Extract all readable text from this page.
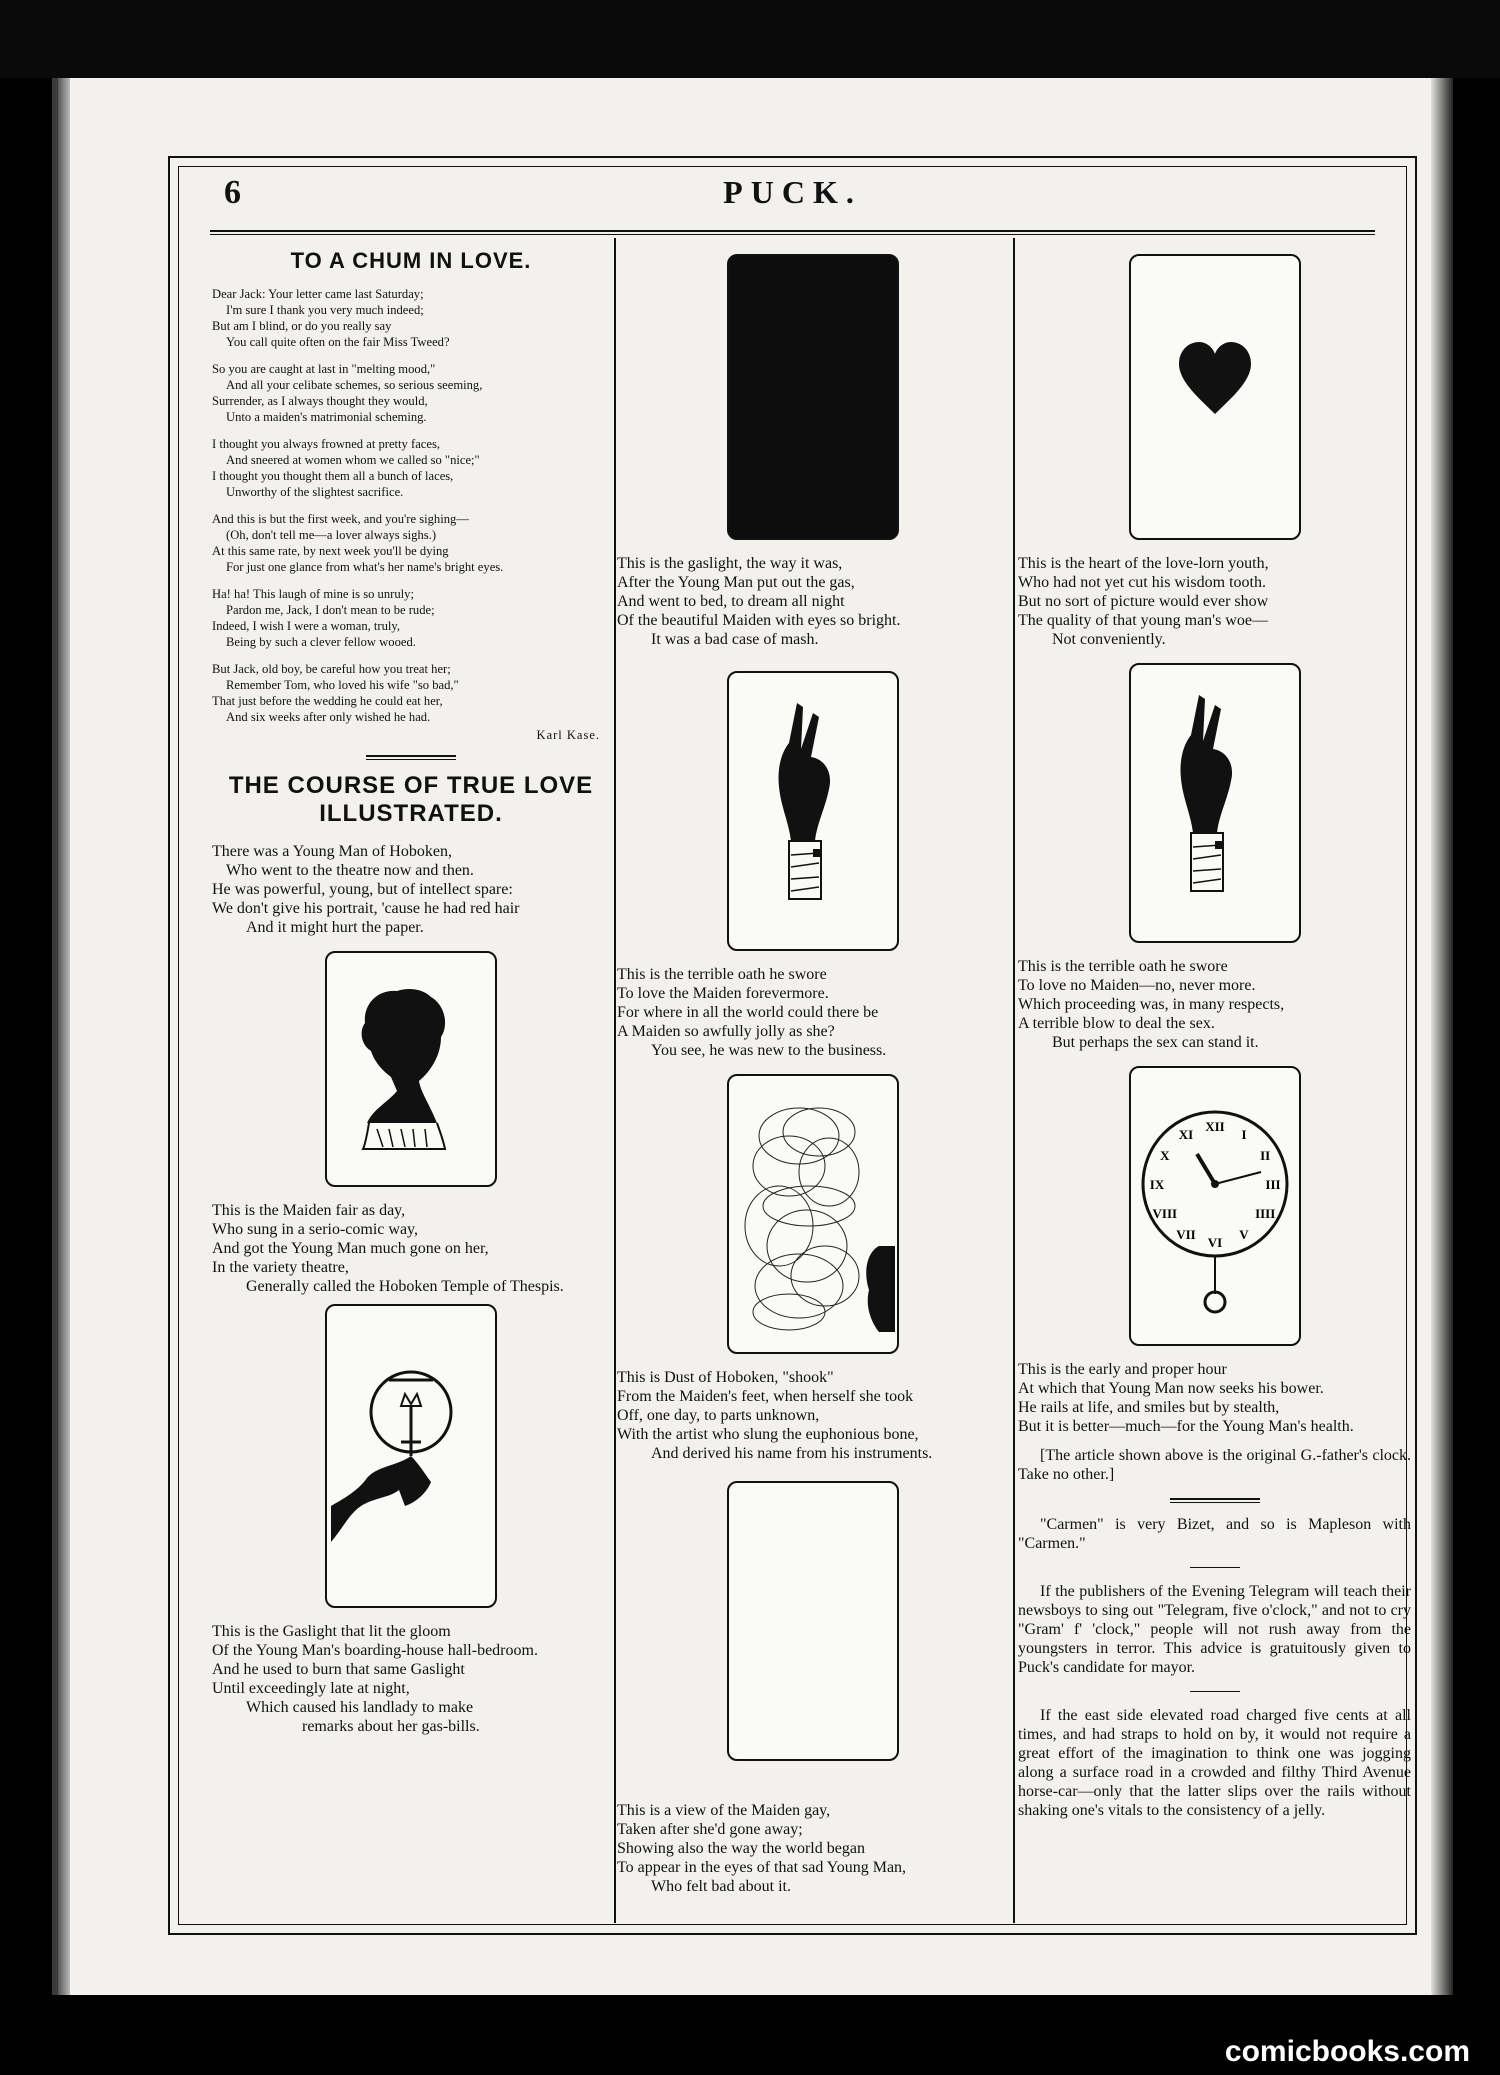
6	PUCK.
TO A CHUM IN LOVE.
Dear Jack: Your letter came last Saturday;
I'm sure I thank you very much indeed;
But am I blind, or do you really say
You call quite often on the fair Miss Tweed?
So you are caught at last in "melting mood,"
And all your celibate schemes, so serious seeming,
Surrender, as I always thought they would,
Unto a maiden's matrimonial scheming.
I thought you always frowned at pretty faces,
And sneered at women whom we called so "nice;"
I thought you thought them all a bunch of laces,
Unworthy of the slightest sacrifice.
And this is but the first week, and you're sighing—
(Oh, don't tell me—a lover always sighs.)
At this same rate, by next week you'll be dying
For just one glance from what's her name's bright eyes.
Ha! ha! This laugh of mine is so unruly;
Pardon me, Jack, I don't mean to be rude;
Indeed, I wish I were a woman, truly,
Being by such a clever fellow wooed.
But Jack, old boy, be careful how you treat her;
Remember Tom, who loved his wife "so bad,"
That just before the wedding he could eat her,
And six weeks after only wished he had.
Karl Kase.
THE COURSE OF TRUE LOVE
ILLUSTRATED.
There was a Young Man of Hoboken,
Who went to the theatre now and then.
He was powerful, young, but of intellect spare:
We don't give his portrait, 'cause he had red hair
And it might hurt the paper.
This is the Maiden fair as day,
Who sung in a serio-comic way,
And got the Young Man much gone on her,
In the variety theatre,
Generally called the Hoboken Temple of Thespis.
This is the Gaslight that lit the gloom
Of the Young Man's boarding-house hall-bedroom.
And he used to burn that same Gaslight
Until exceedingly late at night,
Which caused his landlady to make
remarks about her gas-bills.
This is the gaslight, the way it was,
After the Young Man put out the gas,
And went to bed, to dream all night
Of the beautiful Maiden with eyes so bright.
It was a bad case of mash.
This is the terrible oath he swore
To love the Maiden forevermore.
For where in all the world could there be
A Maiden so awfully jolly as she?
You see, he was new to the business.
This is Dust of Hoboken, "shook"
From the Maiden's feet, when herself she took
Off, one day, to parts unknown,
With the artist who slung the euphonious bone,
And derived his name from his instruments.
This is a view of the Maiden gay,
Taken after she'd gone away;
Showing also the way the world began
To appear in the eyes of that sad Young Man,
Who felt bad about it.
This is the heart of the love-lorn youth,
Who had not yet cut his wisdom tooth.
But no sort of picture would ever show
The quality of that young man's woe—
Not conveniently.
This is the terrible oath he swore
To love no Maiden—no, never more.
Which proceeding was, in many respects,
A terrible blow to deal the sex.
But perhaps the sex can stand it.
XII
I
II
III
IIII
V
VI
VII
VIII
IX
X
XI
This is the early and proper hour
At which that Young Man now seeks his bower.
He rails at life, and smiles but by stealth,
But it is better—much—for the Young Man's health.
[The article shown above is the original G.-father's clock. Take no other.]
"Carmen" is very Bizet, and so is Mapleson with "Carmen."
If the publishers of the Evening Telegram will teach their newsboys to sing out "Telegram, five o'clock," and not to cry "Gram' f' 'clock," people will not rush away from the youngsters in terror. This advice is gratuitously given to Puck's candidate for mayor.
If the east side elevated road charged five cents at all times, and had straps to hold on by, it would not require a great effort of the imagination to think one was jogging along a surface road in a crowded and filthy Third Avenue horse-car—only that the latter slips over the rails without shaking one's vitals to the consistency of a jelly.
comicbooks.com
